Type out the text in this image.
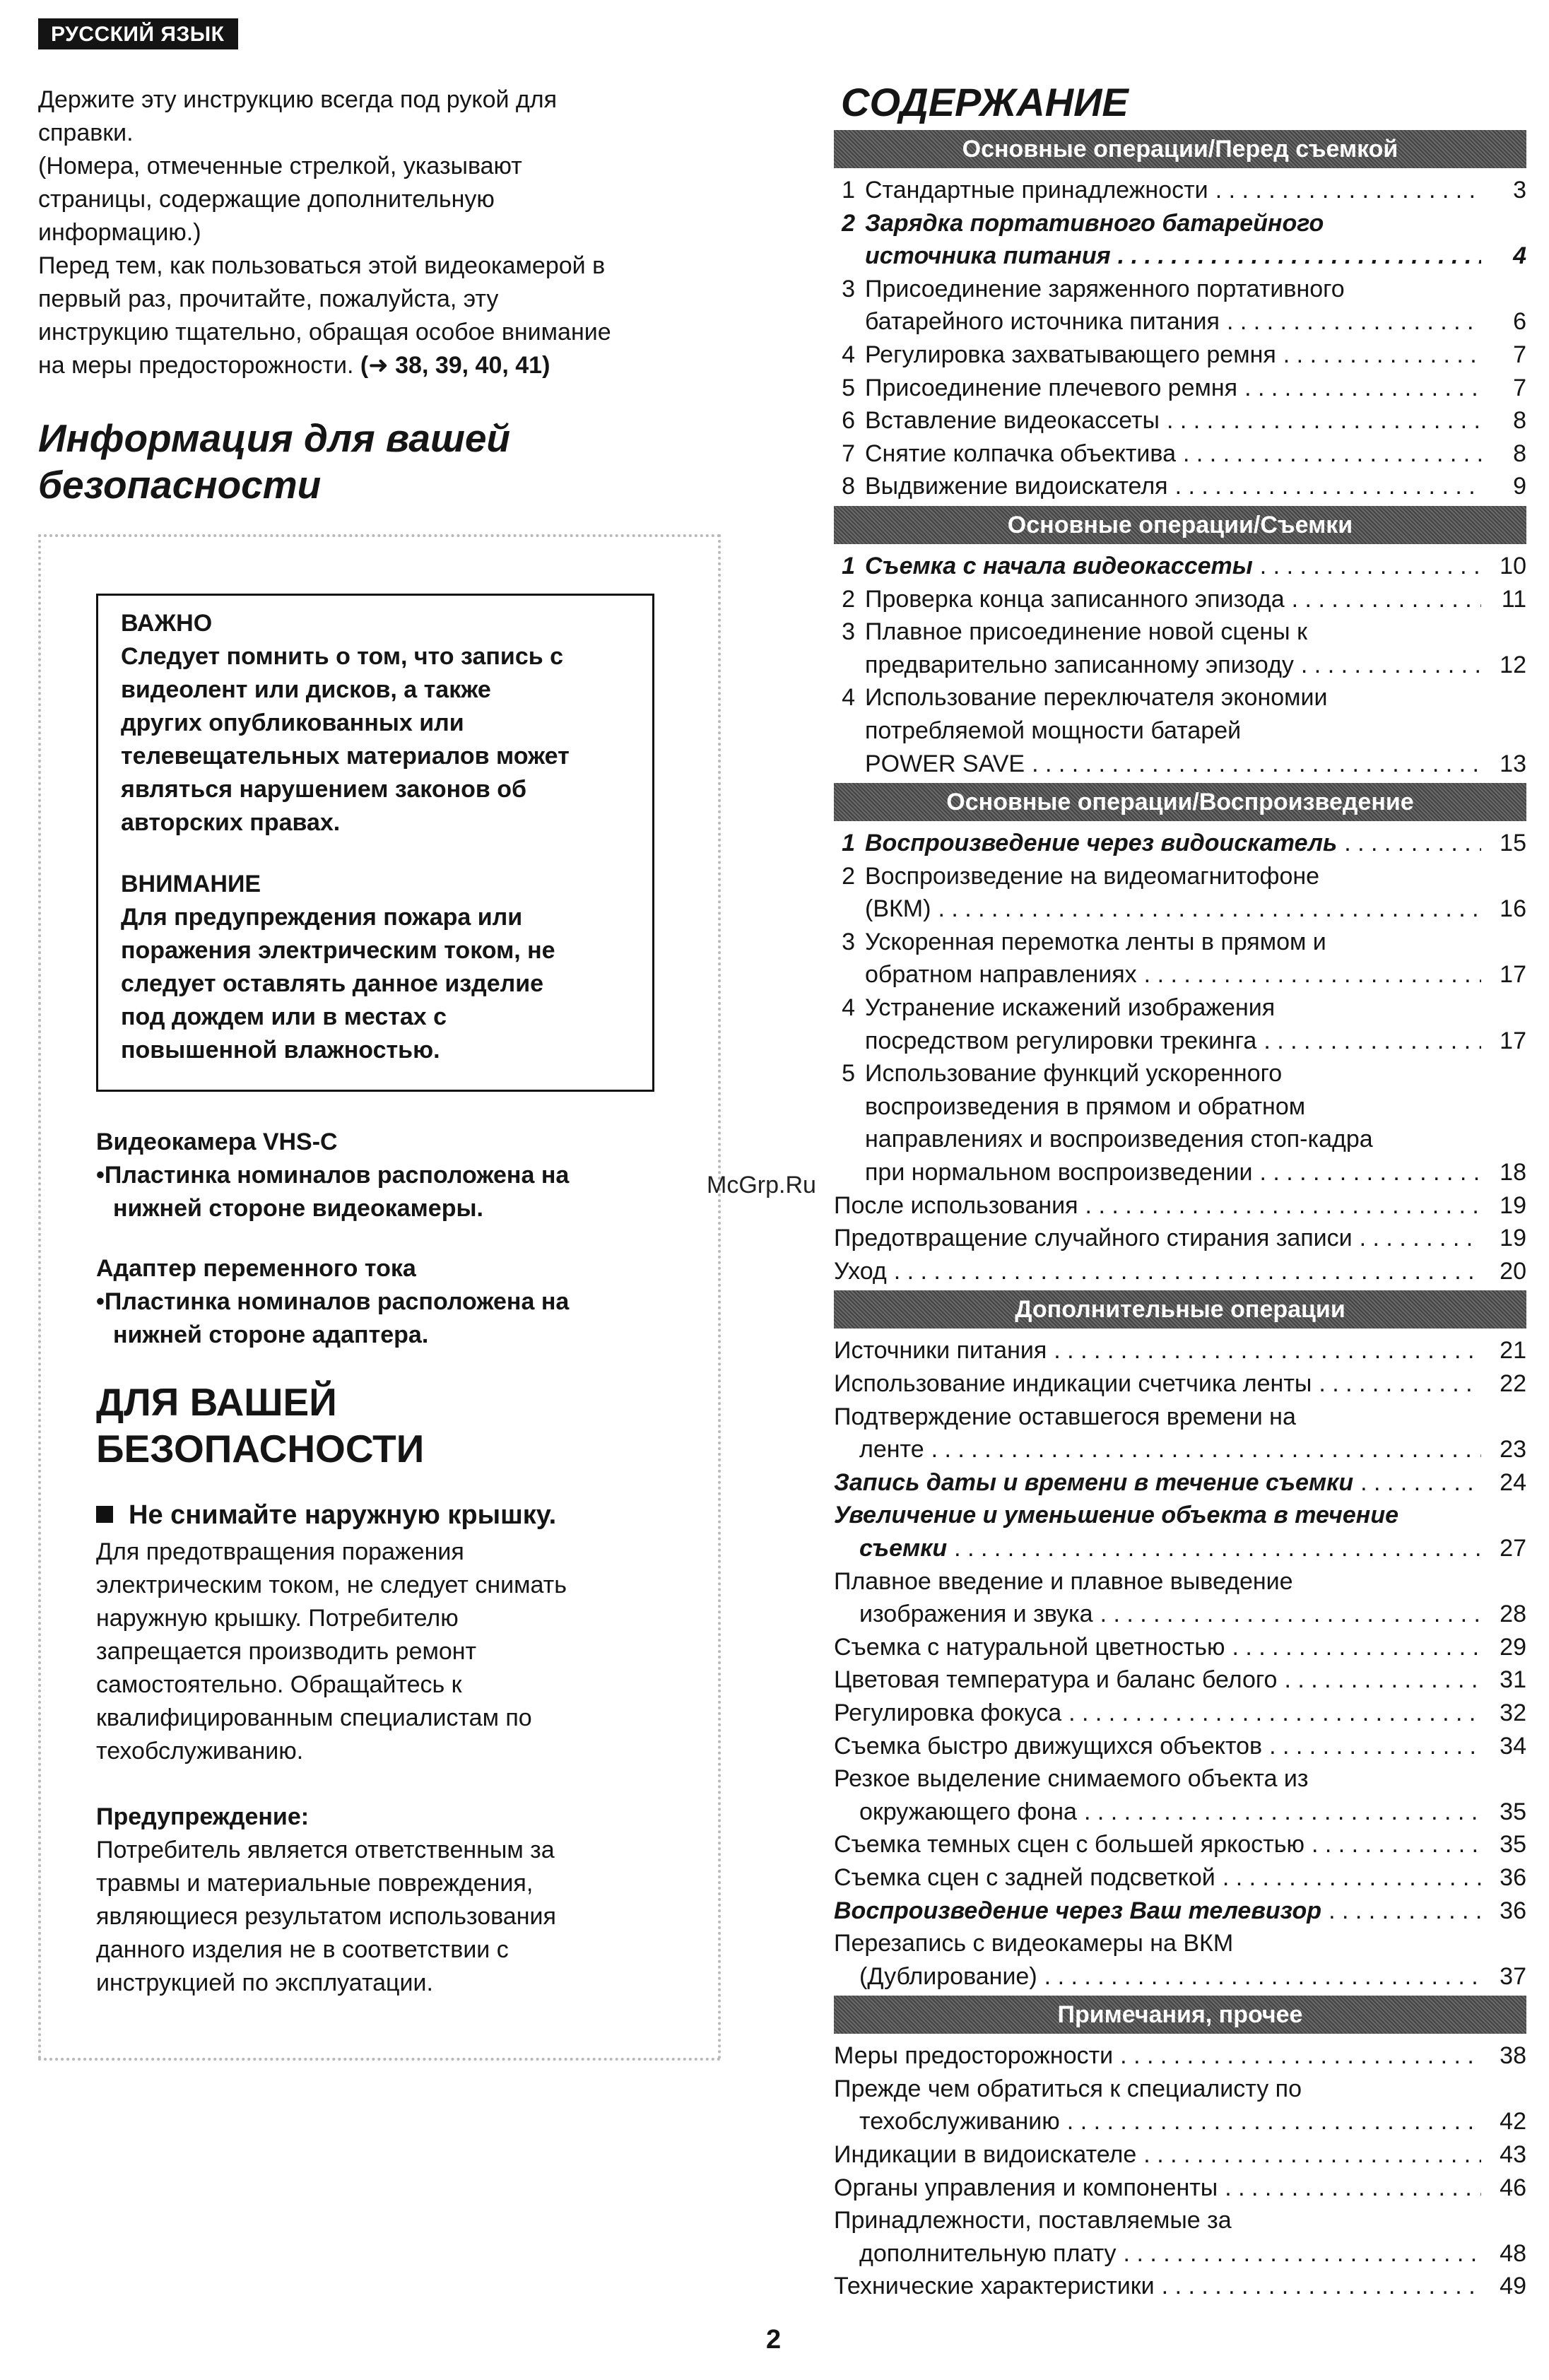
РУССКИЙ ЯЗЫК

Держите эту инструкцию всегда под рукой для

справки.

(Номера, отмеченные стрелкой, указывают

страницы, содержащие дополнительную

информацию.)

Перед тем, как пользоваться этой видеокамерой в

первый раз, прочитайте, пожалуйста, эту

инструкцию тщательно, обращая особое внимание

на меры предосторожности. (➜ 38, 39, 40, 41)

Информация для вашей
безопасности

ВАЖНО

Следует помнить о том, что запись с

видеолент или дисков, а также

других опубликованных или

телевещательных материалов может

являться нарушением законов об

авторских правах.

ВНИМАНИЕ

Для предупреждения пожара или

поражения электрическим током, не

следует оставлять данное изделие

под дождем или в местах с

повышенной влажностью.

Видеокамера VHS-C

•Пластинка номиналов расположена на
нижней стороне видеокамеры.

Адаптер переменного тока

•Пластинка номиналов расположена на
нижней стороне адаптера.

ДЛЯ ВАШЕЙ
БЕЗОПАСНОСТИ

Не снимайте наружную крышку.

Для предотвращения поражения

электрическим током, не следует снимать

наружную крышку. Потребителю

запрещается производить ремонт

самостоятельно. Обращайтесь к

квалифицированным специалистам по

техобслуживанию.

Предупреждение:

Потребитель является ответственным за

травмы и материальные повреждения,

являющиеся результатом использования

данного изделия не в соответствии с

инструкцией по эксплуатации.

McGrp.Ru
2
СОДЕРЖАНИЕ
Основные операции/Перед съемкой
1 Стандартные принадлежности . . .	3
2 Зарядка портативного батарейного
источника питания . . .	4
3 Присоединение заряженного портативного
батарейного источника питания . . .	6
4 Регулировка захватывающего ремня . . .	7
5 Присоединение плечевого ремня . . .	7
6 Вставление видеокассеты . . .	8
7 Снятие колпачка объектива . . .	8
8 Выдвижение видоискателя . . .	9
Основные операции/Съемки
1 Съемка с начала видеокассеты . . .	10
2 Проверка конца записанного эпизода . . .	11
3 Плавное присоединение новой сцены к
предварительно записанному эпизоду . . .	12
4 Использование переключателя экономии
потребляемой мощности батарей
POWER SAVE . . .	13
Основные операции/Воспроизведение
1 Воспроизведение через видоискатель . . .	15
2 Воспроизведение на видеомагнитофоне
(ВКМ) . . .	16
3 Ускоренная перемотка ленты в прямом и
обратном направлениях . . .	17
4 Устранение искажений изображения
посредством регулировки трекинга . . .	17
5 Использование функций ускоренного
воспроизведения в прямом и обратном
направлениях и воспроизведения стоп-кадра
при нормальном воспроизведении . . .	18
После использования . . .	19
Предотвращение случайного стирания записи . . .	19
Уход . . .	20
Дополнительные операции
Источники питания . . .	21
Использование индикации счетчика ленты . . .	22
Подтверждение оставшегося времени на
ленте . . .	23
Запись даты и времени в течение съемки . . .	24
Увеличение и уменьшение объекта в течение
съемки . . .	27
Плавное введение и плавное выведение
изображения и звука . . .	28
Съемка с натуральной цветностью . . .	29
Цветовая температура и баланс белого . . .	31
Регулировка фокуса . . .	32
Съемка быстро движущихся объектов . . .	34
Резкое выделение снимаемого объекта из
окружающего фона . . .	35
Съемка темных сцен с большей яркостью . . .	35
Съемка сцен с задней подсветкой . . .	36
Воспроизведение через Ваш телевизор . . .	36
Перезапись с видеокамеры на ВКМ
(Дублирование) . . .	37
Примечания, прочее
Меры предосторожности . . .	38
Прежде чем обратиться к специалисту по
техобслуживанию . . .	42
Индикации в видоискателе . . .	43
Органы управления и компоненты . . .	46
Принадлежности, поставляемые за
дополнительную плату . . .	48
Технические характеристики . . .	49
